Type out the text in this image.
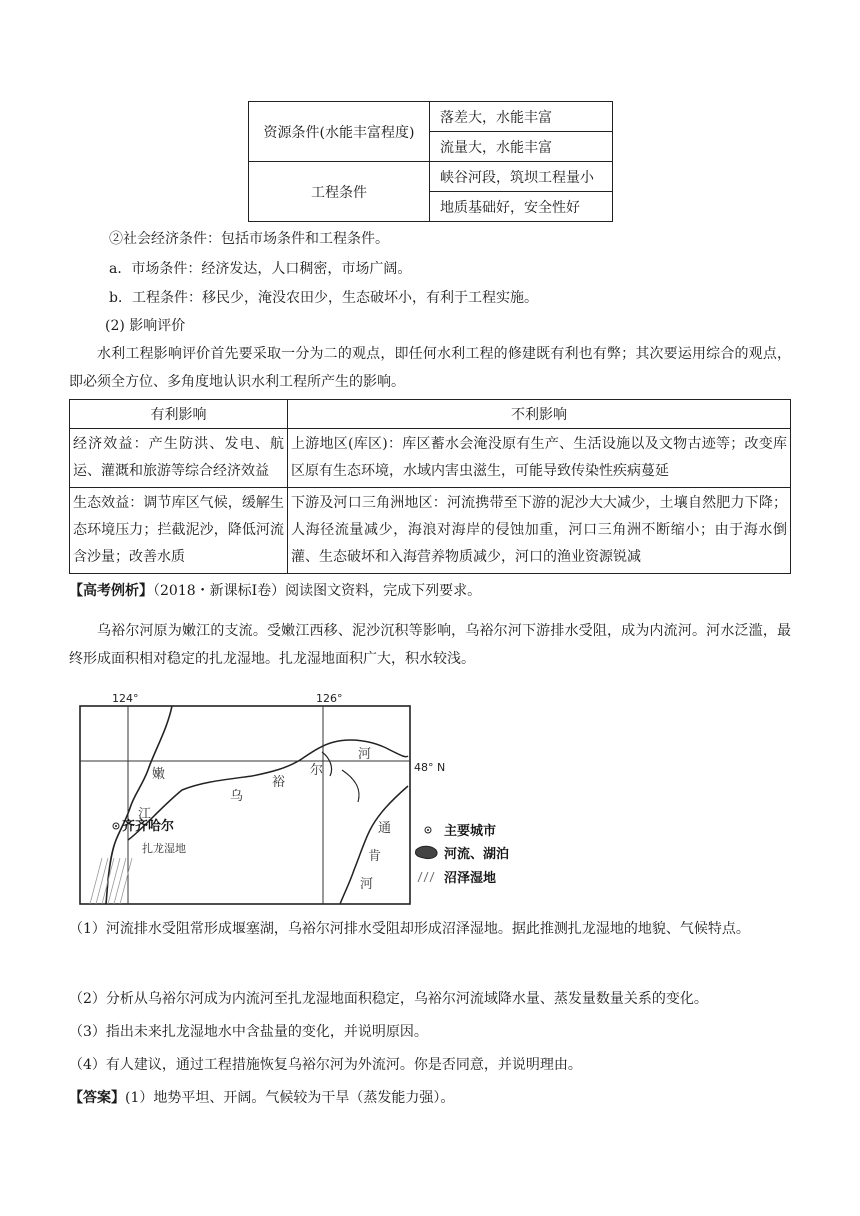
资源条件(水能丰富程度)	落差大，水能丰富
	流量大，水能丰富
工程条件	峡谷河段，筑坝工程量小
	地质基础好，安全性好
②社会经济条件：包括市场条件和工程条件。
a．市场条件：经济发达，人口稠密，市场广阔。
b．工程条件：移民少，淹没农田少，生态破坏小，有利于工程实施。
(2) 影响评价
水利工程影响评价首先要采取一分为二的观点，即任何水利工程的修建既有利也有弊；其次要运用综合的观点，即必须全方位、多角度地认识水利工程所产生的影响。
有利影响	不利影响
经济效益：产生防洪、发电、航运、灌溉和旅游等综合经济效益	上游地区(库区)：库区蓄水会淹没原有生产、生活设施以及文物古迹等；改变库区原有生态环境，水域内害虫滋生，可能导致传染性疾病蔓延
生态效益：调节库区气候，缓解生态环境压力；拦截泥沙，降低河流含沙量；改善水质	下游及河口三角洲地区：河流携带至下游的泥沙大大减少，土壤自然肥力下降；人海径流量减少，海浪对海岸的侵蚀加重，河口三角洲不断缩小；由于海水倒灌、生态破坏和入海营养物质减少，河口的渔业资源锐减
【高考例析】（2018・新课标Ⅰ卷）阅读图文资料，完成下列要求。
乌裕尔河原为嫩江的支流。受嫩江西移、泥沙沉积等影响，乌裕尔河下游排水受阻，成为内流河。河水泛滥，最终形成面积相对稳定的扎龙湿地。扎龙湿地面积广大，积水较浅。
124°	126°
48° N
齐齐哈尔
扎龙湿地
嫩
江
乌
裕
尔
河
通
肯
河
主要城市
河流、湖泊
沼泽湿地
（1）河流排水受阻常形成堰塞湖，乌裕尔河排水受阻却形成沼泽湿地。据此推测扎龙湿地的地貌、气候特点。
（2）分析从乌裕尔河成为内流河至扎龙湿地面积稳定，乌裕尔河流域降水量、蒸发量数量关系的变化。
（3）指出未来扎龙湿地水中含盐量的变化，并说明原因。
（4）有人建议，通过工程措施恢复乌裕尔河为外流河。你是否同意，并说明理由。
【答案】(1）地势平坦、开阔。气候较为干旱（蒸发能力强）。
